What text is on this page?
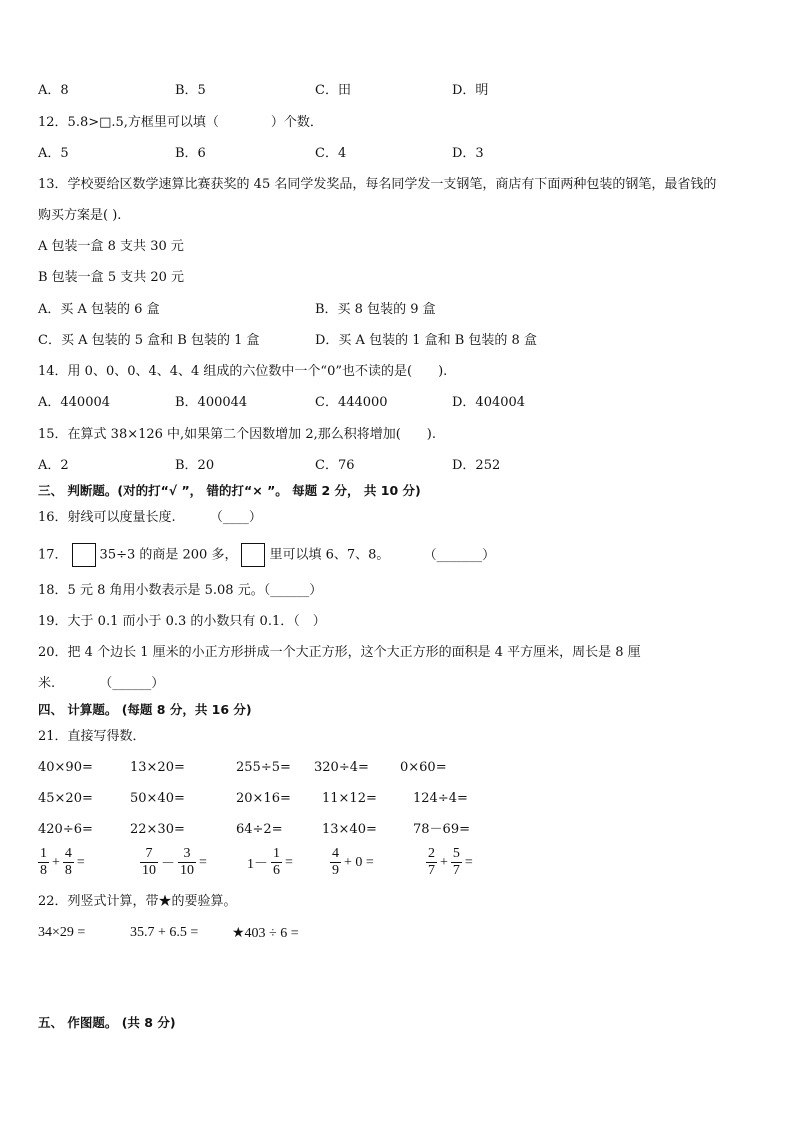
A．8	B．5	C．田	D．明
12．5.8>□.5,方框里可以填（　　　　）个数．
A．5	B．6	C．4	D．3
13．学校要给区数学速算比赛获奖的 45 名同学发奖品，每名同学发一支钢笔，商店有下面两种包装的钢笔，最省钱的
购买方案是( ).
A 包装一盒 8 支共 30 元
B 包装一盒 5 支共 20 元
A．买 A 包装的 6 盒	B．买 8 包装的 9 盒
C．买 A 包装的 5 盒和 B 包装的 1 盒	D．买 A 包装的 1 盒和 B 包装的 8 盒
14．用 0、0、0、4、4、4 组成的六位数中一个“0”也不读的是(　　).
A．440004	B．400044	C．444000	D．404004
15．在算式 38×126 中,如果第二个因数增加 2,那么积将增加(　　).
A．2	B．20	C．76	D．252
三、 判断题。(对的打“√ ”， 错的打“× ”。 每题 2 分， 共 10 分)
16．射线可以度量长度.	（____）
17． 35÷3 的商是 200 多， 里可以填 6、7、8。	（_______）
18．5 元 8 角用小数表示是 5.08 元。（______）
19．大于 0.1 而小于 0.3 的小数只有 0.1．（　）
20．把 4 个边长 1 厘米的小正方形拼成一个大正方形，这个大正方形的面积是 4 平方厘米，周长是 8 厘
米.	（______）
四、 计算题。 (每题 8 分，共 16 分)
21．直接写得数．
40×90=	13×20=	255÷5= 320÷4= 0×60=
45×20=	50×40=	20×16= 11×12=	124÷4=
420÷6=	22×30=	64÷2=	13×40=	78－69=
$\frac{1}{8} + \frac{4}{8}$ =	$\frac{7}{10} - \frac{3}{10}$ =	$1- \frac{1}{6}$ =	$\frac{4}{9} + 0$ =	$\frac{2}{7} + \frac{5}{7}$ =
22．列竖式计算，带★的要验算。
34×29 =	35.7 + 6.5 = ★403 ÷ 6 =
五、 作图题。 (共 8 分)
